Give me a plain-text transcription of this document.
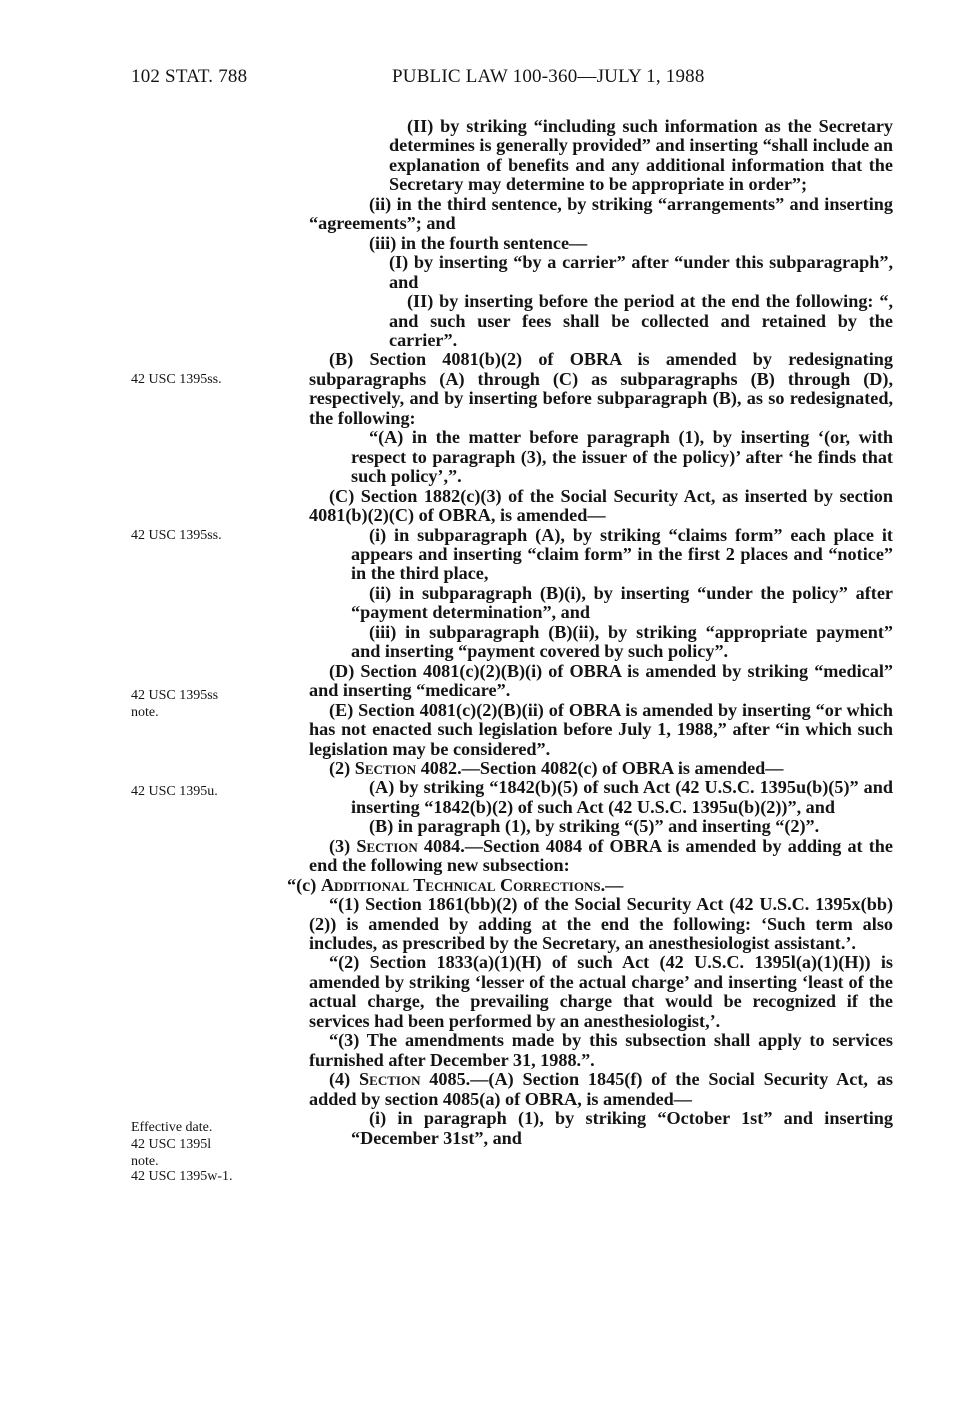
102 STAT. 788	PUBLIC LAW 100-360—JULY 1, 1988
42 USC 1395ss.
42 USC 1395ss.
42 USC 1395ss
note.
42 USC 1395u.
Effective date.
42 USC 1395l
note.
42 USC 1395w-1.

(II) by striking “including such information as the Secretary determines is generally provided” and inserting “shall include an explanation of benefits and any additional information that the Secretary may determine to be appropriate in order”;

(ii) in the third sentence, by striking “arrangements” and inserting “agreements”; and

(iii) in the fourth sentence—

(I) by inserting “by a carrier” after “under this subparagraph”, and

(II) by inserting before the period at the end the following: “, and such user fees shall be collected and retained by the carrier”.

(B) Section 4081(b)(2) of OBRA is amended by redesignating subparagraphs (A) through (C) as subparagraphs (B) through (D), respectively, and by inserting before subparagraph (B), as so redesignated, the following:

“(A) in the matter before paragraph (1), by inserting ‘(or, with respect to paragraph (3), the issuer of the policy)’ after ‘he finds that such policy’,”.

(C) Section 1882(c)(3) of the Social Security Act, as inserted by section 4081(b)(2)(C) of OBRA, is amended—

(i) in subparagraph (A), by striking “claims form” each place it appears and inserting “claim form” in the first 2 places and “notice” in the third place,

(ii) in subparagraph (B)(i), by inserting “under the policy” after “payment determination”, and

(iii) in subparagraph (B)(ii), by striking “appropriate payment” and inserting “payment covered by such policy”.

(D) Section 4081(c)(2)(B)(i) of OBRA is amended by striking “medical” and inserting “medicare”.

(E) Section 4081(c)(2)(B)(ii) of OBRA is amended by inserting “or which has not enacted such legislation before July 1, 1988,” after “in which such legislation may be considered”.

(2) Section 4082.—Section 4082(c) of OBRA is amended—

(A) by striking “1842(b)(5) of such Act (42 U.S.C. 1395u(b)(5)” and inserting “1842(b)(2) of such Act (42 U.S.C. 1395u(b)(2))”, and

(B) in paragraph (1), by striking “(5)” and inserting “(2)”.

(3) Section 4084.—Section 4084 of OBRA is amended by adding at the end the following new subsection:

“(c) Additional Technical Corrections.—

“(1) Section 1861(bb)(2) of the Social Security Act (42 U.S.C. 1395x(bb)(2)) is amended by adding at the end the following: ‘Such term also includes, as prescribed by the Secretary, an anesthesiologist assistant.’.

“(2) Section 1833(a)(1)(H) of such Act (42 U.S.C. 1395l(a)(1)(H)) is amended by striking ‘lesser of the actual charge’ and inserting ‘least of the actual charge, the prevailing charge that would be recognized if the services had been performed by an anesthesiologist,’.

“(3) The amendments made by this subsection shall apply to services furnished after December 31, 1988.”.

(4) Section 4085.—(A) Section 1845(f) of the Social Security Act, as added by section 4085(a) of OBRA, is amended—

(i) in paragraph (1), by striking “October 1st” and inserting “December 31st”, and
